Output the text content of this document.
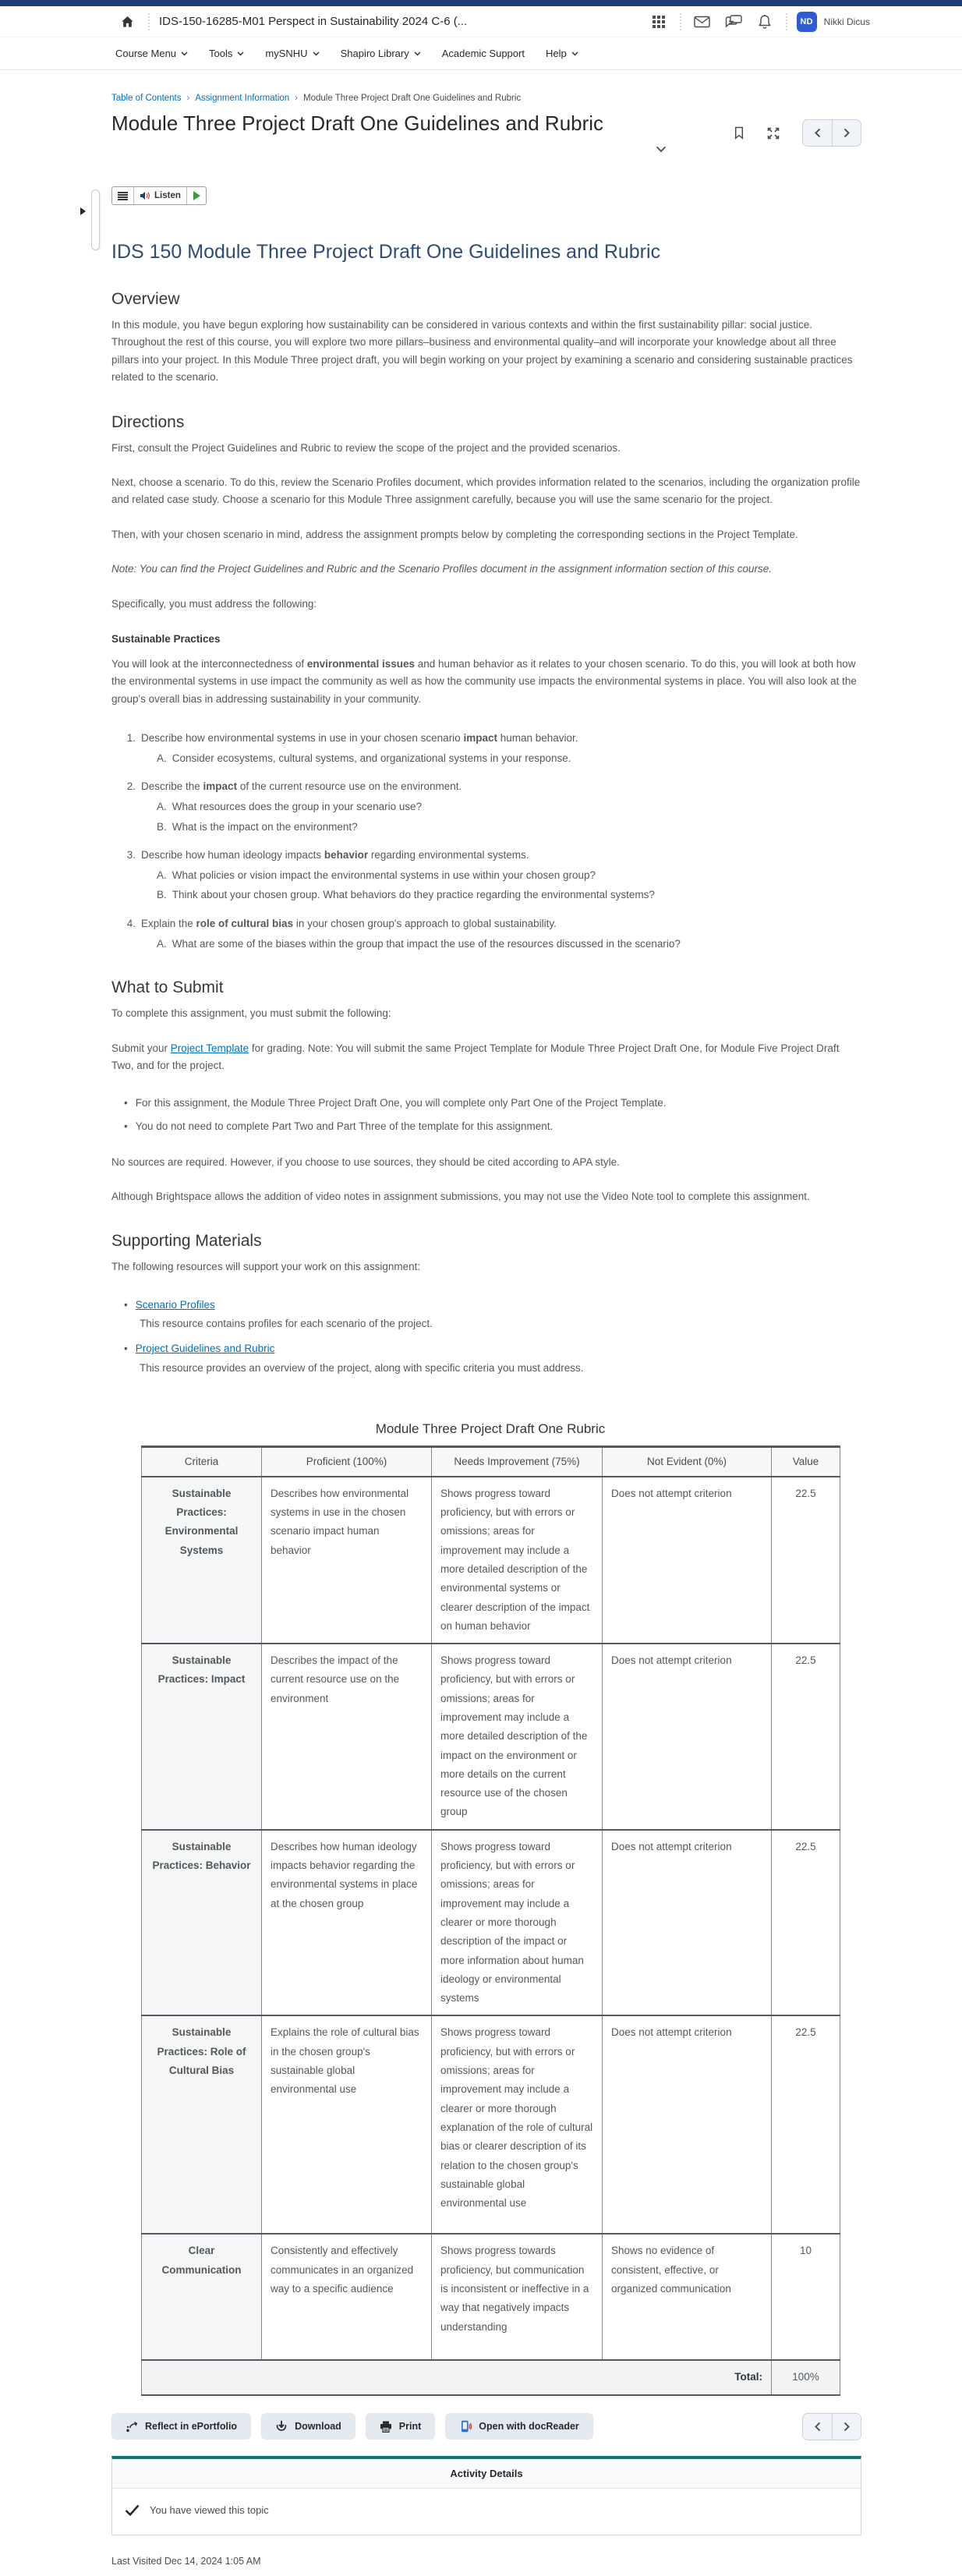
IDS-150-16285-M01 Perspect in Sustainability 2024 C-6 (...	ND	Nikki Dicus
Course Menu	Tools	mySNHU	Shapiro Library	Academic Support Help
Table of Contents › Assignment Information › Module Three Project Draft One Guidelines and Rubric
Module Three Project Draft One Guidelines and Rubric
Listen
IDS 150 Module Three Project Draft One Guidelines and Rubric
Overview

In this module, you have begun exploring how sustainability can be considered in various contexts and within the first sustainability pillar: social justice. Throughout the rest of this course, you will explore two more pillars–business and environmental quality–and will incorporate your knowledge about all three pillars into your project. In this Module Three project draft, you will begin working on your project by examining a scenario and considering sustainable practices related to the scenario.

Directions

First, consult the Project Guidelines and Rubric to review the scope of the project and the provided scenarios.

Next, choose a scenario. To do this, review the Scenario Profiles document, which provides information related to the scenarios, including the organization profile and related case study. Choose a scenario for this Module Three assignment carefully, because you will use the same scenario for the project.

Then, with your chosen scenario in mind, address the assignment prompts below by completing the corresponding sections in the Project Template.

Note: You can find the Project Guidelines and Rubric and the Scenario Profiles document in the assignment information section of this course.

Specifically, you must address the following:

Sustainable Practices

You will look at the interconnectedness of environmental issues and human behavior as it relates to your chosen scenario. To do this, you will look at both how the environmental systems in use impact the community as well as how the community use impacts the environmental systems in place. You will also look at the group's overall bias in addressing sustainability in your community.

1. Describe how environmental systems in use in your chosen scenario impact human behavior.
A. Consider ecosystems, cultural systems, and organizational systems in your response.
2. Describe the impact of the current resource use on the environment.
A. What resources does the group in your scenario use?
B. What is the impact on the environment?
3. Describe how human ideology impacts behavior regarding environmental systems.
A. What policies or vision impact the environmental systems in use within your chosen group?
B. Think about your chosen group. What behaviors do they practice regarding the environmental systems?
4. Explain the role of cultural bias in your chosen group's approach to global sustainability.
A. What are some of the biases within the group that impact the use of the resources discussed in the scenario?
What to Submit

To complete this assignment, you must submit the following:

Submit your Project Template for grading. Note: You will submit the same Project Template for Module Three Project Draft One, for Module Five Project Draft Two, and for the project.

• For this assignment, the Module Three Project Draft One, you will complete only Part One of the Project Template.
• You do not need to complete Part Two and Part Three of the template for this assignment.

No sources are required. However, if you choose to use sources, they should be cited according to APA style.

Although Brightspace allows the addition of video notes in assignment submissions, you may not use the Video Note tool to complete this assignment.

Supporting Materials

The following resources will support your work on this assignment:

• Scenario Profiles
This resource contains profiles for each scenario of the project.
• Project Guidelines and Rubric
This resource provides an overview of the project, along with specific criteria you must address.
Module Three Project Draft One Rubric
Criteria	Proficient (100%)	Needs Improvement (75%)	Not Evident (0%)	Value
Sustainable Practices: Environmental Systems	Describes how environmental systems in use in the chosen scenario impact human behavior	Shows progress toward proficiency, but with errors or omissions; areas for improvement may include a more detailed description of the environmental systems or clearer description of the impact on human behavior	Does not attempt criterion	22.5
Sustainable Practices: Impact	Describes the impact of the current resource use on the environment	Shows progress toward proficiency, but with errors or omissions; areas for improvement may include a more detailed description of the impact on the environment or more details on the current resource use of the chosen group	Does not attempt criterion	22.5
Sustainable Practices: Behavior	Describes how human ideology impacts behavior regarding the environmental systems in place at the chosen group	Shows progress toward proficiency, but with errors or omissions; areas for improvement may include a clearer or more thorough description of the impact or more information about human ideology or environmental systems	Does not attempt criterion	22.5
Sustainable Practices: Role of Cultural Bias	Explains the role of cultural bias in the chosen group's sustainable global environmental use	Shows progress toward proficiency, but with errors or omissions; areas for improvement may include a clearer or more thorough explanation of the role of cultural bias or clearer description of its relation to the chosen group's sustainable global environmental use	Does not attempt criterion	22.5
Clear Communication	Consistently and effectively communicates in an organized way to a specific audience	Shows progress towards proficiency, but communication is inconsistent or ineffective in a way that negatively impacts understanding	Shows no evidence of consistent, effective, or organized communication	10
Total:				100%
Reflect in ePortfolio	Download	Print	Open with docReader
Activity Details
You have viewed this topic
Last Visited Dec 14, 2024 1:05 AM
